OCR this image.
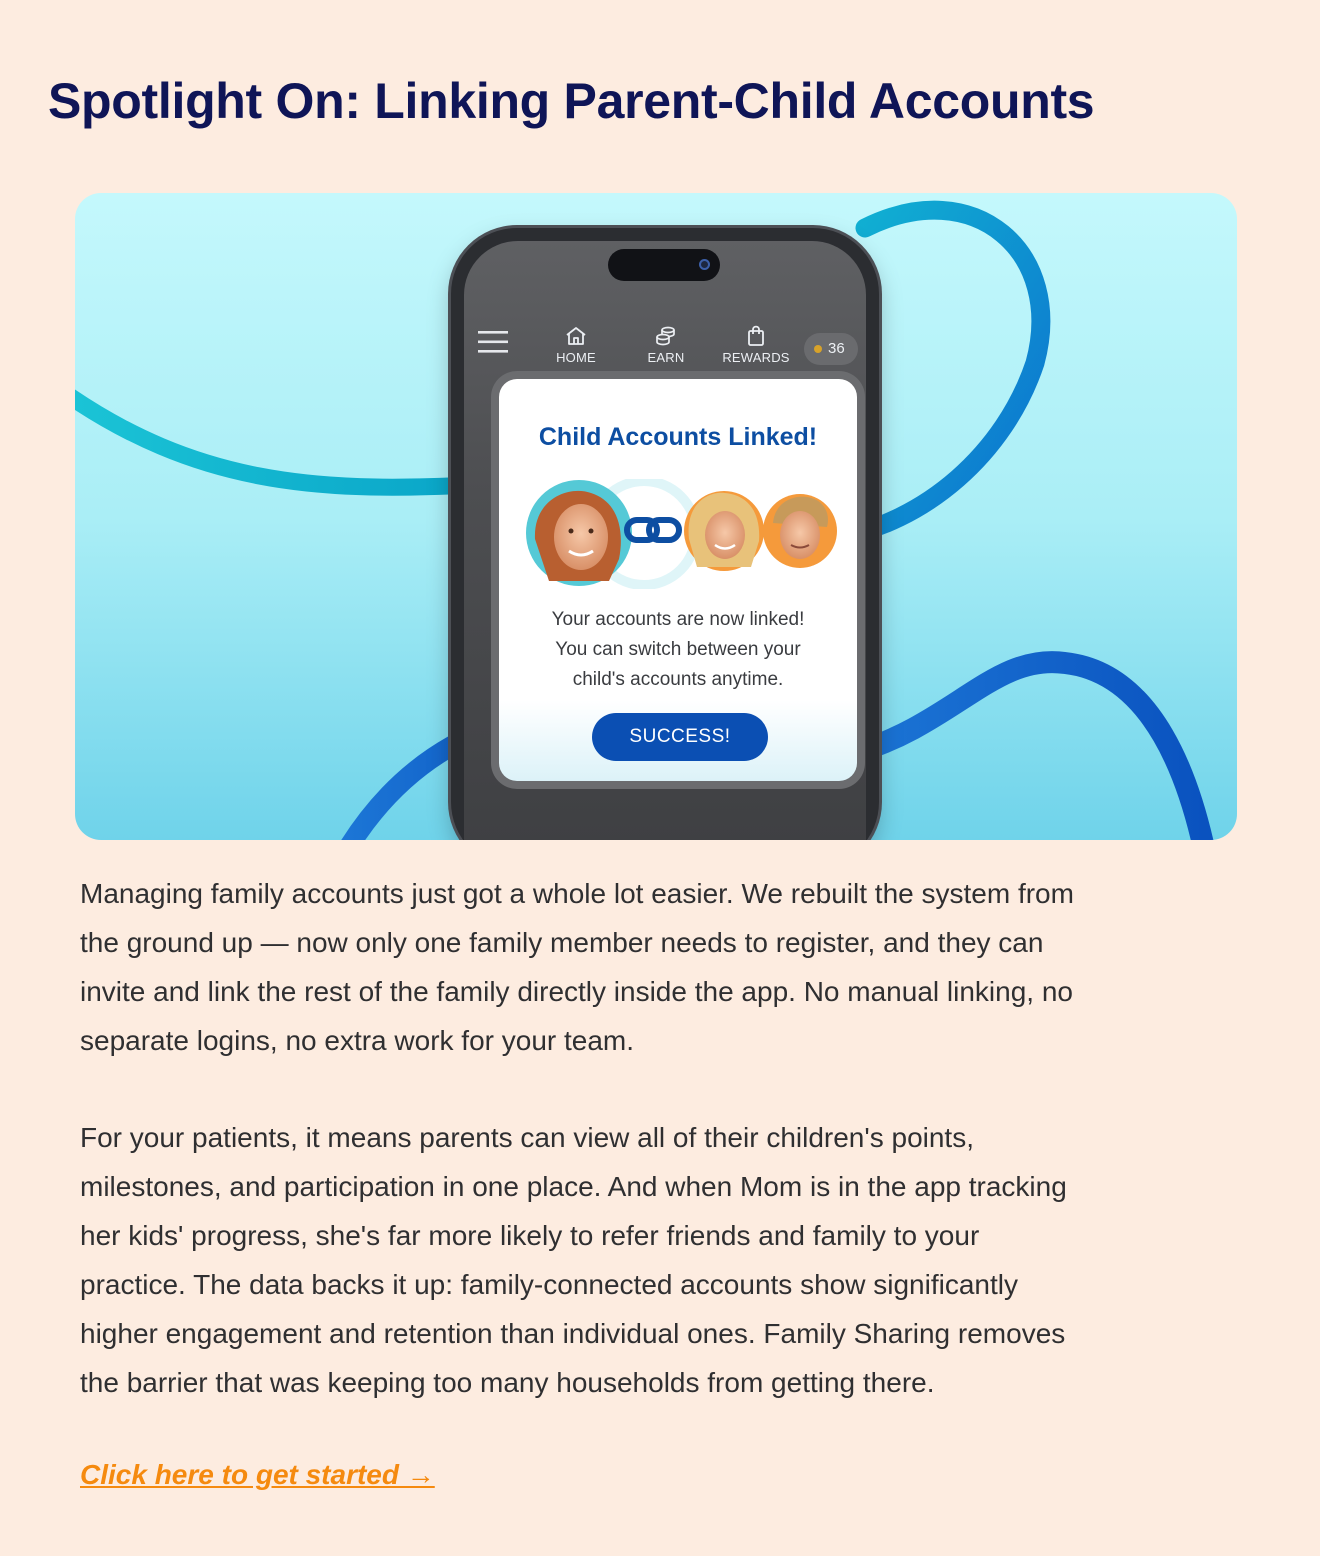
Spotlight On: Linking Parent-Child Accounts
HOME	EARN	REWARDS
36
Child Accounts Linked!

Your accounts are now linked!
You can switch between your
child's accounts anytime.

SUCCESS!

Managing family accounts just got a whole lot easier. We rebuilt the system from
the ground up — now only one family member needs to register, and they can
invite and link the rest of the family directly inside the app. No manual linking, no
separate logins, no extra work for your team.

For your patients, it means parents can view all of their children's points,
milestones, and participation in one place. And when Mom is in the app tracking
her kids' progress, she's far more likely to refer friends and family to your
practice. The data backs it up: family-connected accounts show significantly
higher engagement and retention than individual ones. Family Sharing removes
the barrier that was keeping too many households from getting there.

Click here to get started →
